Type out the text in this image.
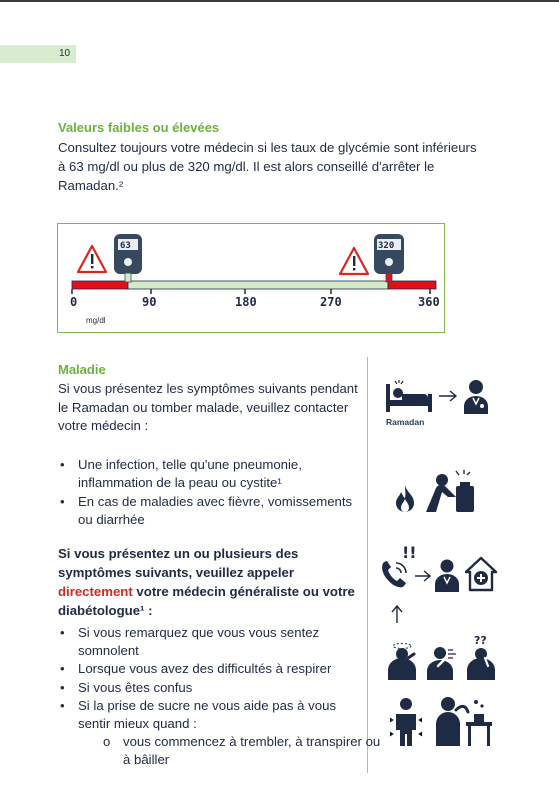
10
Valeurs faibles ou élevées
Consultez toujours votre médecin si les taux de glycémie sont inférieurs à 63 mg/dl ou plus de 320 mg/dl. Il est alors conseillé d'arrêter le Ramadan.²
0	90	180	270	360
mg/dl
63	320
Maladie
Si vous présentez les symptômes suivants pendant le Ramadan ou tomber malade, veuillez contacter votre médecin :
• Une infection, telle qu'une pneumonie, inflammation de la peau ou cystite¹
• En cas de maladies avec fièvre, vomissements ou diarrhée
Si vous présentez un ou plusieurs des symptômes suivants, veuillez appeler directement votre médecin généraliste ou votre diabétologue¹ :
• Si vous remarquez que vous vous sentez somnolent
• Lorsque vous avez des difficultés à respirer
• Si vous êtes confus
• Si la prise de sucre ne vous aide pas à vous sentir mieux quand :
o vous commencez à trembler, à transpirer ou à bâiller
Ramadan
!!
??
